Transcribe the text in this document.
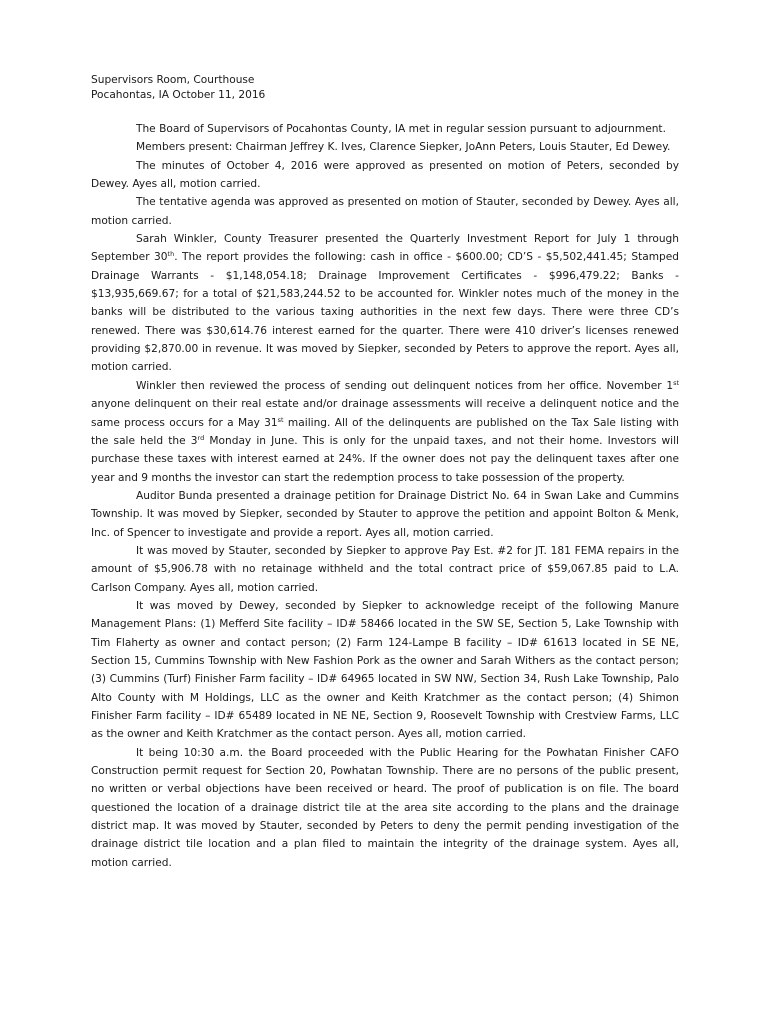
Supervisors Room, Courthouse
Pocahontas, IA October 11, 2016

The Board of Supervisors of Pocahontas County, IA met in regular session pursuant to adjournment.

Members present: Chairman Jeffrey K. Ives, Clarence Siepker, JoAnn Peters, Louis Stauter, Ed Dewey.

The minutes of October 4, 2016 were approved as presented on motion of Peters, seconded by Dewey. Ayes all, motion carried.

The tentative agenda was approved as presented on motion of Stauter, seconded by Dewey. Ayes all, motion carried.

Sarah Winkler, County Treasurer presented the Quarterly Investment Report for July 1 through September 30th. The report provides the following: cash in office - $600.00; CD’S - $5,502,441.45; Stamped Drainage Warrants - $1,148,054.18; Drainage Improvement Certificates - $996,479.22; Banks - $13,935,669.67; for a total of $21,583,244.52 to be accounted for. Winkler notes much of the money in the banks will be distributed to the various taxing authorities in the next few days. There were three CD’s renewed. There was $30,614.76 interest earned for the quarter. There were 410 driver’s licenses renewed providing $2,870.00 in revenue. It was moved by Siepker, seconded by Peters to approve the report. Ayes all, motion carried.

Winkler then reviewed the process of sending out delinquent notices from her office. November 1st anyone delinquent on their real estate and/or drainage assessments will receive a delinquent notice and the same process occurs for a May 31st mailing. All of the delinquents are published on the Tax Sale listing with the sale held the 3rd Monday in June. This is only for the unpaid taxes, and not their home. Investors will purchase these taxes with interest earned at 24%. If the owner does not pay the delinquent taxes after one year and 9 months the investor can start the redemption process to take possession of the property.

Auditor Bunda presented a drainage petition for Drainage District No. 64 in Swan Lake and Cummins Township. It was moved by Siepker, seconded by Stauter to approve the petition and appoint Bolton & Menk, Inc. of Spencer to investigate and provide a report. Ayes all, motion carried.

It was moved by Stauter, seconded by Siepker to approve Pay Est. #2 for JT. 181 FEMA repairs in the amount of $5,906.78 with no retainage withheld and the total contract price of $59,067.85 paid to L.A. Carlson Company. Ayes all, motion carried.

It was moved by Dewey, seconded by Siepker to acknowledge receipt of the following Manure Management Plans: (1) Mefferd Site facility – ID# 58466 located in the SW SE, Section 5, Lake Township with Tim Flaherty as owner and contact person; (2) Farm 124-Lampe B facility – ID# 61613 located in SE NE, Section 15, Cummins Township with New Fashion Pork as the owner and Sarah Withers as the contact person; (3) Cummins (Turf) Finisher Farm facility – ID# 64965 located in SW NW, Section 34, Rush Lake Township, Palo Alto County with M Holdings, LLC as the owner and Keith Kratchmer as the contact person; (4) Shimon Finisher Farm facility – ID# 65489 located in NE NE, Section 9, Roosevelt Township with Crestview Farms, LLC as the owner and Keith Kratchmer as the contact person. Ayes all, motion carried.

It being 10:30 a.m. the Board proceeded with the Public Hearing for the Powhatan Finisher CAFO Construction permit request for Section 20, Powhatan Township. There are no persons of the public present, no written or verbal objections have been received or heard. The proof of publication is on file. The board questioned the location of a drainage district tile at the area site according to the plans and the drainage district map. It was moved by Stauter, seconded by Peters to deny the permit pending investigation of the drainage district tile location and a plan filed to maintain the integrity of the drainage system. Ayes all, motion carried.
